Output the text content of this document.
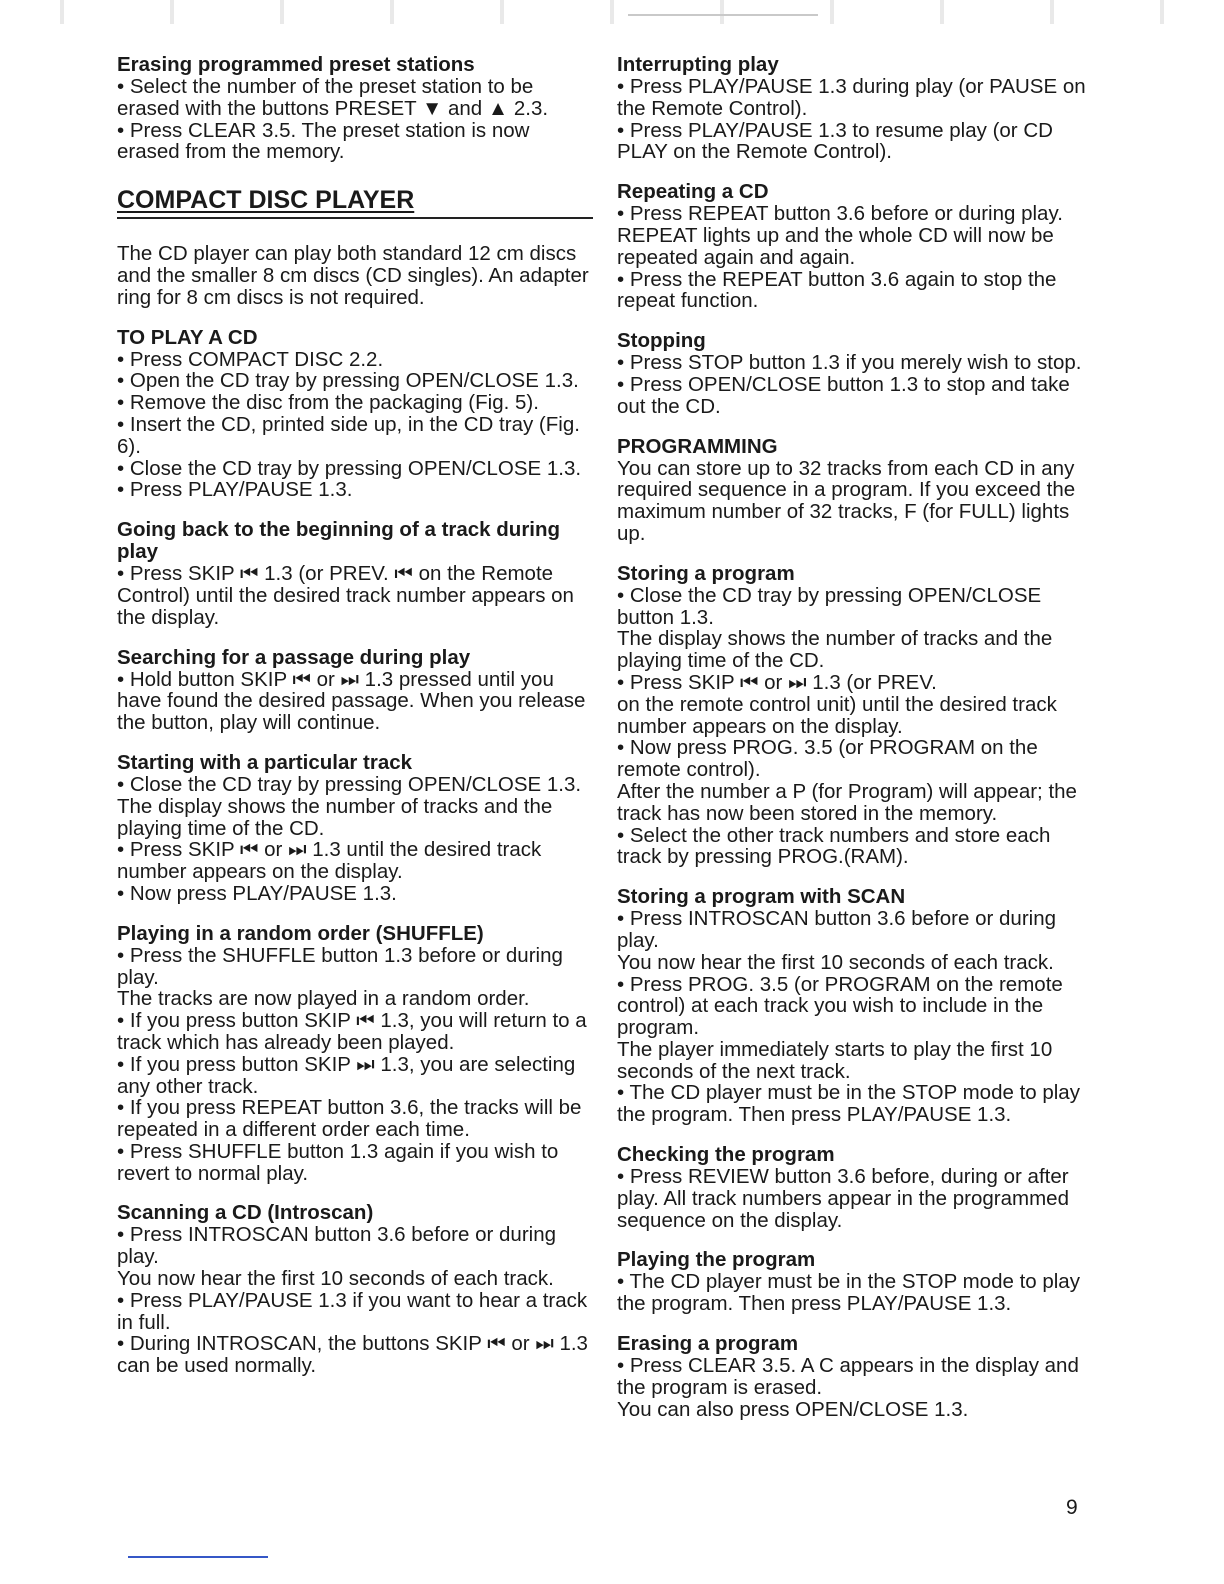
Erasing programmed preset stations

• Select the number of the preset station to be erased with the buttons PRESET ▼ and ▲ 2.3.

• Press CLEAR 3.5. The preset station is now erased from the memory.

COMPACT DISC PLAYER

The CD player can play both standard 12 cm discs and the smaller 8 cm discs (CD singles). An adapter ring for 8 cm discs is not required.

TO PLAY A CD

• Press COMPACT DISC 2.2.

• Open the CD tray by pressing OPEN/CLOSE 1.3.

• Remove the disc from the packaging (Fig. 5).

• Insert the CD, printed side up, in the CD tray (Fig. 6).

• Close the CD tray by pressing OPEN/CLOSE 1.3.

• Press PLAY/PAUSE 1.3.

Going back to the beginning of a track during play

• Press SKIP ⏮ 1.3 (or PREV. ⏮ on the Remote Control) until the desired track number appears on the display.

Searching for a passage during play

• Hold button SKIP ⏮ or ⏭ 1.3 pressed until you have found the desired passage. When you release the button, play will continue.

Starting with a particular track

• Close the CD tray by pressing OPEN/CLOSE 1.3.

The display shows the number of tracks and the playing time of the CD.

• Press SKIP ⏮ or ⏭ 1.3 until the desired track number appears on the display.

• Now press PLAY/PAUSE 1.3.

Playing in a random order (SHUFFLE)

• Press the SHUFFLE button 1.3 before or during play.

The tracks are now played in a random order.

• If you press button SKIP ⏮ 1.3, you will return to a track which has already been played.

• If you press button SKIP ⏭ 1.3, you are selecting any other track.

• If you press REPEAT button 3.6, the tracks will be repeated in a different order each time.

• Press SHUFFLE button 1.3 again if you wish to revert to normal play.

Scanning a CD (Introscan)

• Press INTROSCAN button 3.6 before or during play.

You now hear the first 10 seconds of each track.

• Press PLAY/PAUSE 1.3 if you want to hear a track in full.

• During INTROSCAN, the buttons SKIP ⏮ or ⏭ 1.3 can be used normally.

Interrupting play

• Press PLAY/PAUSE 1.3 during play (or PAUSE on the Remote Control).

• Press PLAY/PAUSE 1.3 to resume play (or CD PLAY on the Remote Control).

Repeating a CD

• Press REPEAT button 3.6 before or during play. REPEAT lights up and the whole CD will now be repeated again and again.

• Press the REPEAT button 3.6 again to stop the repeat function.

Stopping

• Press STOP button 1.3 if you merely wish to stop.

• Press OPEN/CLOSE button 1.3 to stop and take out the CD.

PROGRAMMING

You can store up to 32 tracks from each CD in any required sequence in a program. If you exceed the maximum number of 32 tracks, F (for FULL) lights up.

Storing a program

• Close the CD tray by pressing OPEN/CLOSE button 1.3.

The display shows the number of tracks and the playing time of the CD.

• Press SKIP ⏮ or ⏭ 1.3 (or PREV.

on the remote control unit) until the desired track number appears on the display.

• Now press PROG. 3.5 (or PROGRAM on the remote control).

After the number a P (for Program) will appear; the track has now been stored in the memory.

• Select the other track numbers and store each track by pressing PROG.(RAM).

Storing a program with SCAN

• Press INTROSCAN button 3.6 before or during play.

You now hear the first 10 seconds of each track.

• Press PROG. 3.5 (or PROGRAM on the remote control) at each track you wish to include in the program.

The player immediately starts to play the first 10 seconds of the next track.

• The CD player must be in the STOP mode to play the program. Then press PLAY/PAUSE 1.3.

Checking the program

• Press REVIEW button 3.6 before, during or after play. All track numbers appear in the programmed sequence on the display.

Playing the program

• The CD player must be in the STOP mode to play the program. Then press PLAY/PAUSE 1.3.

Erasing a program

• Press CLEAR 3.5. A C appears in the display and the program is erased.

You can also press OPEN/CLOSE 1.3.

9
